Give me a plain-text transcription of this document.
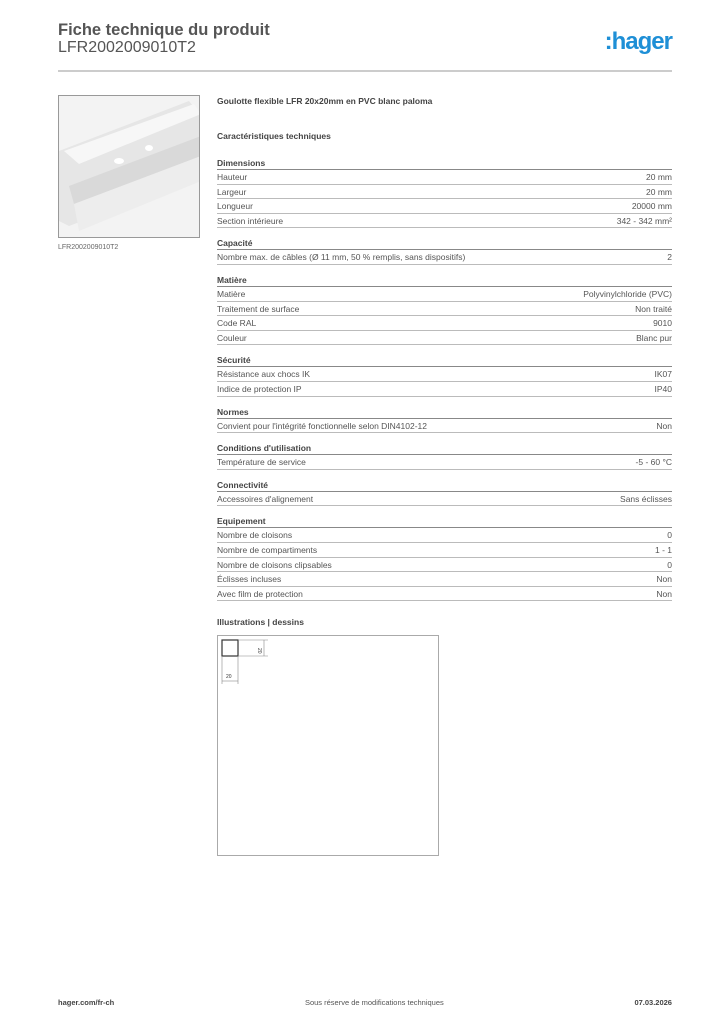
Fiche technique du produit
LFR2002009010T2	:hager
LFR2002009010T2
Goulotte flexible LFR 20x20mm en PVC blanc paloma
Caractéristiques techniques
Dimensions
Hauteur	20 mm
Largeur	20 mm
Longueur	20000 mm
Section intérieure	342 - 342 mm²
Capacité
Nombre max. de câbles (Ø 11 mm, 50 % remplis, sans dispositifs)	2
Matière
Matière	Polyvinylchloride (PVC)
Traitement de surface	Non traité
Code RAL	9010
Couleur	Blanc pur
Sécurité
Résistance aux chocs IK	IK07
Indice de protection IP	IP40
Normes
Convient pour l'intégrité fonctionnelle selon DIN4102-12	Non
Conditions d'utilisation
Température de service	-5 - 60 °C
Connectivité
Accessoires d'alignement	Sans éclisses
Equipement
Nombre de cloisons	0
Nombre de compartiments	1 - 1
Nombre de cloisons clipsables	0
Éclisses incluses	Non
Avec film de protection	Non
Illustrations | dessins
20
20
hager.com/fr-ch	Sous réserve de modifications techniques	07.03.2026
